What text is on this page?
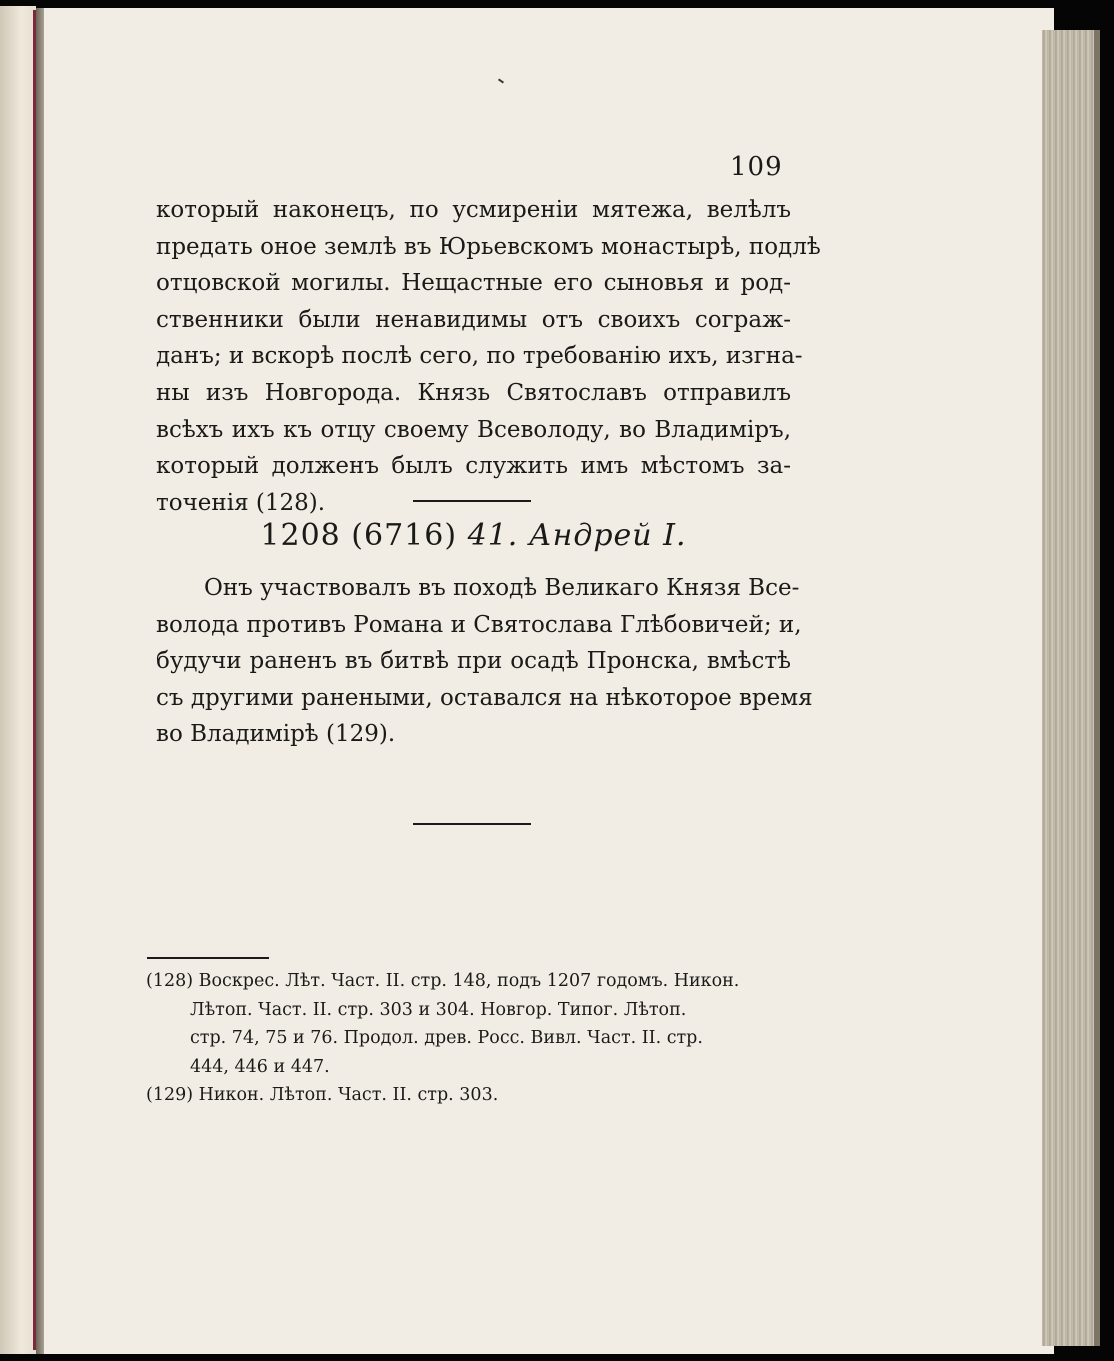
109
который наконецъ, по усмиреніи мятежа, велѣлъ
предать оное землѣ въ Юрьевскомъ монастырѣ, подлѣ
отцовской могилы. Нещастные его сыновья и род-
ственники были ненавидимы отъ своихъ сограж-
данъ; и вскорѣ послѣ сего, по требованію ихъ, изгна-
ны изъ Новгорода. Князь Святославъ отправилъ
всѣхъ ихъ къ отцу своему Всеволоду, во Владиміръ,
который долженъ былъ служить имъ мѣстомъ за-
точенія (128).
1208 (6716) 41. Андрей I.
Онъ участвовалъ въ походѣ Великаго Князя Все-
волода противъ Романа и Святослава Глѣбовичей; и,
будучи раненъ въ битвѣ при осадѣ Пронска, вмѣстѣ
съ другими ранеными, оставался на нѣкоторое время
во Владимірѣ (129).
(128) Воскрес. Лѣт. Част. II. стр. 148, подъ 1207 годомъ. Никон.
Лѣтоп. Част. II. стр. 303 и 304. Новгор. Типог. Лѣтоп.
стр. 74, 75 и 76. Продол. древ. Росс. Вивл. Част. II. стр.
444, 446 и 447.
(129) Никон. Лѣтоп. Част. II. стр. 303.
